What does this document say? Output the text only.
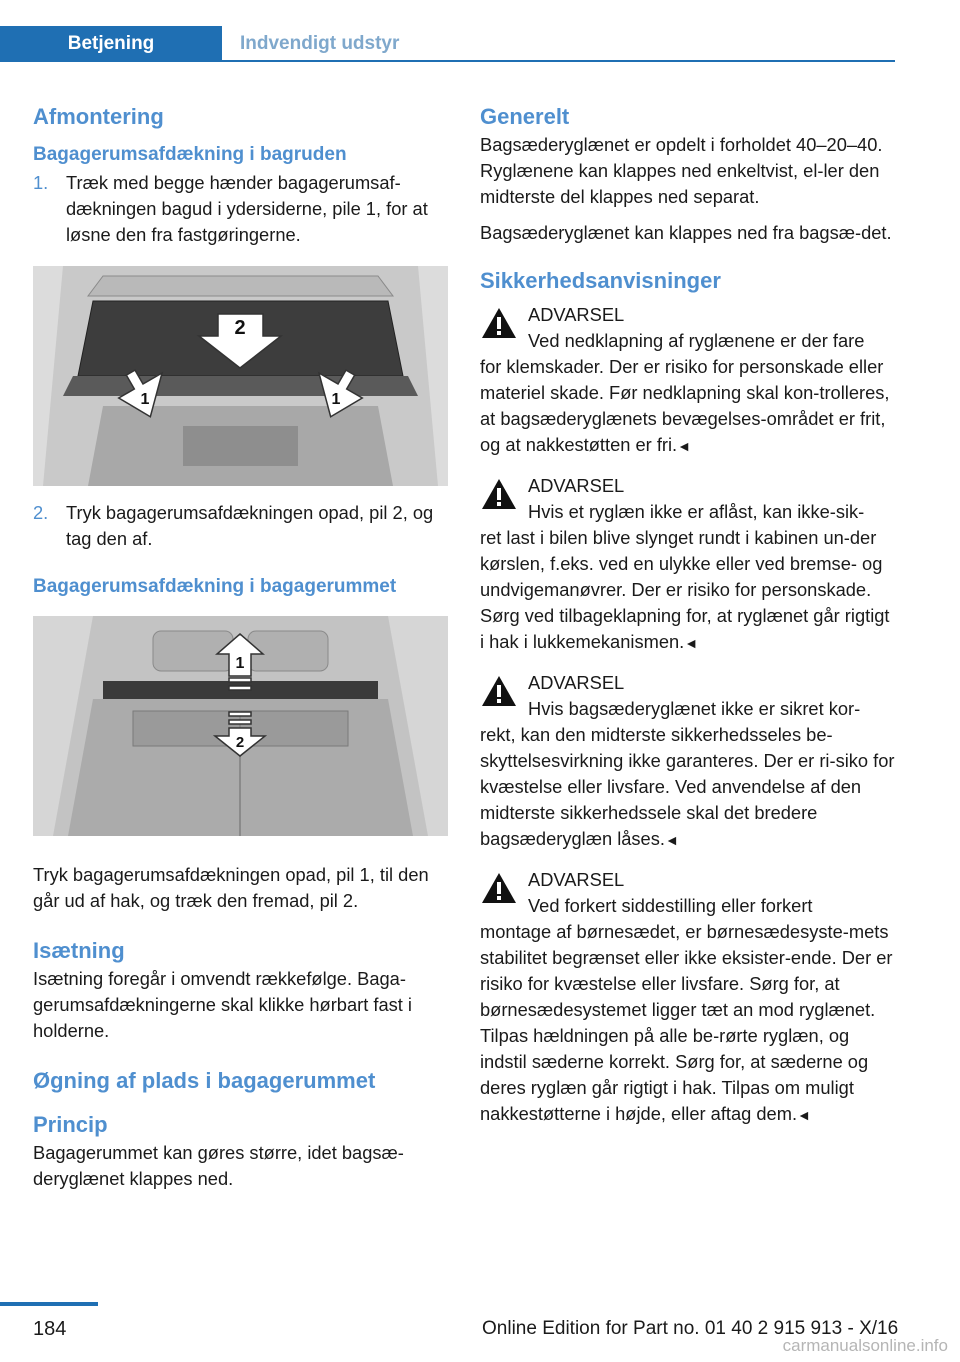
Betjening	Indvendigt udstyr
Afmontering
Bagagerumsafdækning i bagruden
1. Træk med begge hænder bagagerumsaf-dækningen bagud i ydersiderne, pile 1, for at løsne den fra fastgøringerne.
2
1	1
2. Tryk bagagerumsafdækningen opad, pil 2, og tag den af.
Bagagerumsafdækning i bagagerummet
1
2

Tryk bagagerumsafdækningen opad, pil 1, til den går ud af hak, og træk den fremad, pil 2.

Isætning

Isætning foregår i omvendt rækkefølge. Baga-gerumsafdækningerne skal klikke hørbart fast i holderne.

Øgning af plads i bagagerummet
Princip

Bagagerummet kan gøres større, idet bagsæ-deryglænet klappes ned.

Generelt

Bagsæderyglænet er opdelt i forholdet 40–20–40. Ryglænene kan klappes ned enkeltvist, el-ler den midterste del klappes ned separat.

Bagsæderyglænet kan klappes ned fra bagsæ-det.

Sikkerhedsanvisninger
ADVARSEL
Ved nedklapning af ryglænene er der fare
for klemskader. Der er risiko for personskade eller materiel skade. Før nedklapning skal kon-trolleres, at bagsæderyglænets bevægelses-området er frit, og at nakkestøtten er fri.◄
ADVARSEL
Hvis et ryglæn ikke er aflåst, kan ikke-sik-
ret last i bilen blive slynget rundt i kabinen un-der kørslen, f.eks. ved en ulykke eller ved bremse- og undvigemanøvrer. Der er risiko for personskade. Sørg ved tilbageklapning for, at ryglænet går rigtigt i hak i lukkemekanismen.◄
ADVARSEL
Hvis bagsæderyglænet ikke er sikret kor-
rekt, kan den midterste sikkerhedsseles be-skyttelsesvirkning ikke garanteres. Der er ri-siko for kvæstelse eller livsfare. Ved anvendelse af den midterste sikkerhedssele skal det bredere bagsæderyglæn låses.◄
ADVARSEL
Ved forkert siddestilling eller forkert
montage af børnesædet, er børnesædesyste-mets stabilitet begrænset eller ikke eksister-ende. Der er risiko for kvæstelse eller livsfare. Sørg for, at børnesædesystemet ligger tæt an mod ryglænet. Tilpas hældningen på alle be-rørte ryglæn, og indstil sæderne korrekt. Sørg for, at sæderne og deres ryglæn går rigtigt i hak. Tilpas om muligt nakkestøtterne i højde, eller aftag dem.◄
184	Online Edition for Part no. 01 40 2 915 913 - X/16
carmanualsonline.info
